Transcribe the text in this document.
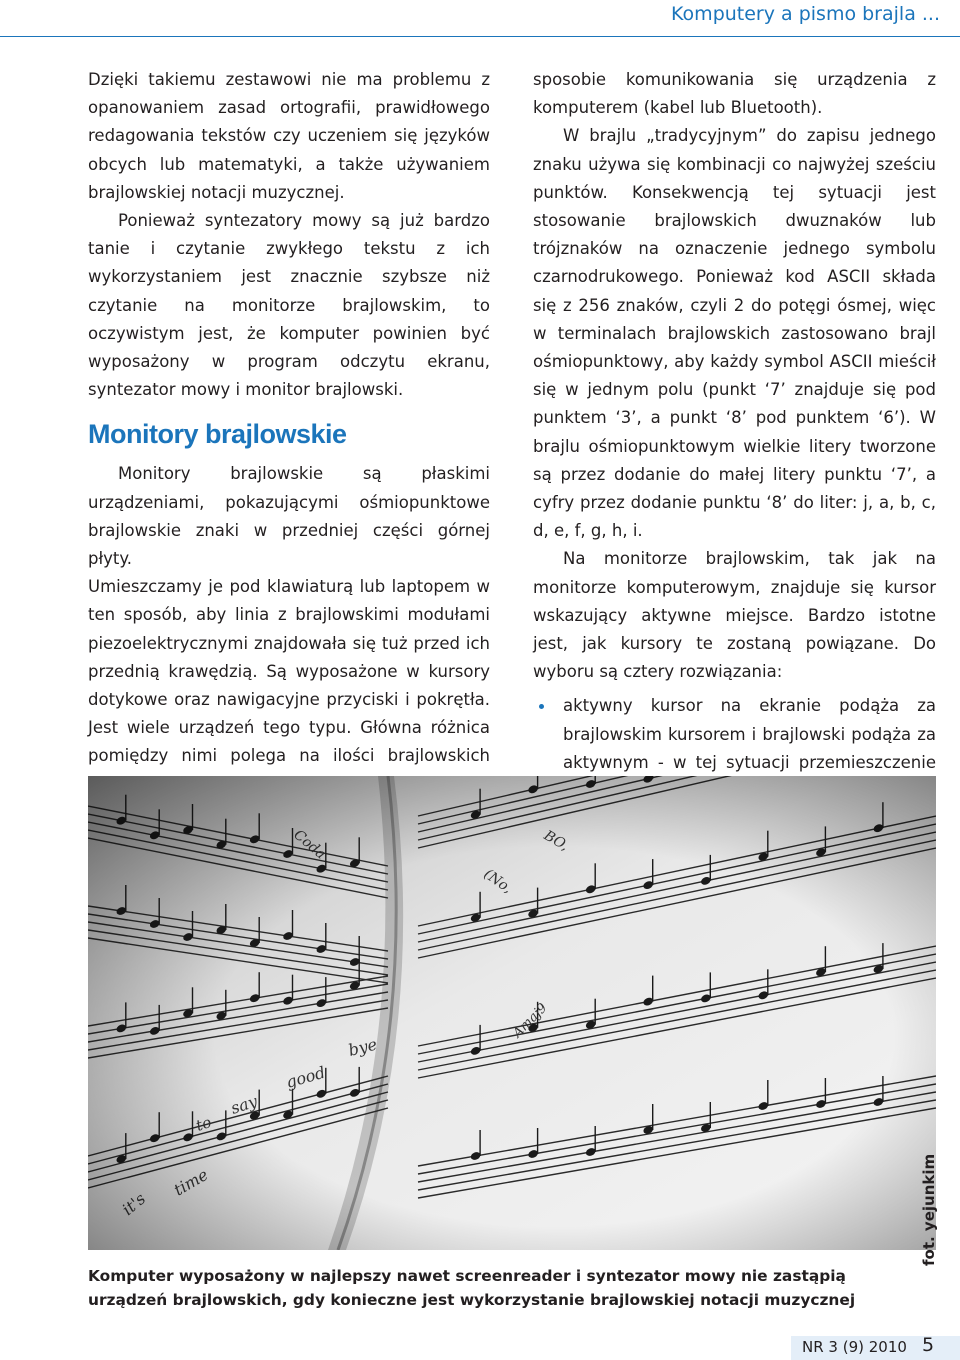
Komputery a pismo brajla ...

Dzięki takiemu zestawowi nie ma problemu z opanowaniem zasad ortografii, prawidłowego redagowania tekstów czy uczeniem się języków obcych lub matematyki, a także używaniem brajlowskiej notacji muzycznej.

Ponieważ syntezatory mowy są już bardzo tanie i czytanie zwykłego tekstu z ich wykorzystaniem jest znacznie szybsze niż czytanie na monitorze brajlowskim, to oczywistym jest, że komputer powinien być wyposażony w program odczytu ekranu, syntezator mowy i monitor brajlowski.

Monitory brajlowskie

Monitory brajlowskie są płaskimi urządzeniami, pokazującymi ośmiopunktowe brajlowskie znaki w przedniej części górnej płyty.

Umieszczamy je pod klawiaturą lub laptopem w ten sposób, aby linia z brajlowskimi modułami piezoelektrycznymi znajdowała się tuż przed ich przednią krawędzią. Są wyposażone w kursory dotykowe oraz nawigacyjne przyciski i pokrętła. Jest wiele urządzeń tego typu. Główna różnica pomiędzy nimi polega na ilości brajlowskich

sposobie komunikowania się urządzenia z komputerem (kabel lub Bluetooth).

W brajlu „tradycyjnym” do zapisu jednego znaku używa się kombinacji co najwyżej sześciu punktów. Konsekwencją tej sytuacji jest stosowanie brajlowskich dwuznaków lub trójznaków na oznaczenie jednego symbolu czarnodrukowego. Ponieważ kod ASCII składa się z 256 znaków, czyli 2 do potęgi ósmej, więc w terminalach brajlowskich zastosowano brajl ośmiopunktowy, aby każdy symbol ASCII mieścił się w jednym polu (punkt ‘7’ znajduje się pod punktem ‘3’, a punkt ‘8’ pod punktem ‘6’). W brajlu ośmiopunktowym wielkie litery tworzone są przez dodanie do małej litery punktu ‘7’, a cyfry przez dodanie punktu ‘8’ do liter: j, a, b, c, d, e, f, g, h, i.

Na monitorze brajlowskim, tak jak na monitorze komputerowym, znajduje się kursor wskazujący aktywne miejsce. Bardzo istotne jest, jak kursory te zostaną powiązane. Do wyboru są cztery rozwiązania:

aktywny kursor na ekranie podąża za brajlowskim kursorem i brajlowski podąża za aktywnym - w tej sytuacji przemieszczenie
fot. yejunkim
Komputer wyposażony w najlepszy nawet screenreader i syntezator mowy nie zastąpią urządzeń brajlowskich, gdy konieczne jest wykorzystanie brajlowskiej notacji muzycznej
NR 3 (9) 2010 5
